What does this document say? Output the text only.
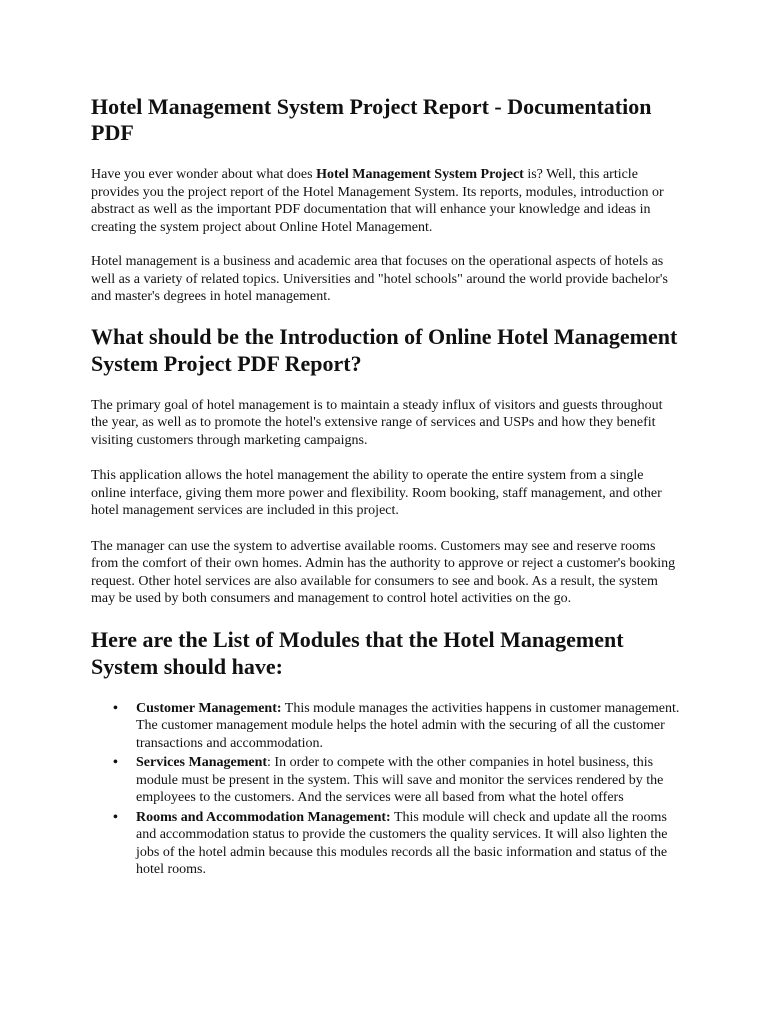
Hotel Management System Project Report - Documentation PDF

Have you ever wonder about what does Hotel Management System Project is? Well, this article provides you the project report of the Hotel Management System. Its reports, modules, introduction or abstract as well as the important PDF documentation that will enhance your knowledge and ideas in creating the system project about Online Hotel Management.

Hotel management is a business and academic area that focuses on the operational aspects of hotels as well as a variety of related topics. Universities and "hotel schools" around the world provide bachelor's and master's degrees in hotel management.

What should be the Introduction of Online Hotel Management System Project PDF Report?

The primary goal of hotel management is to maintain a steady influx of visitors and guests throughout the year, as well as to promote the hotel's extensive range of services and USPs and how they benefit visiting customers through marketing campaigns.

This application allows the hotel management the ability to operate the entire system from a single online interface, giving them more power and flexibility. Room booking, staff management, and other hotel management services are included in this project.

The manager can use the system to advertise available rooms. Customers may see and reserve rooms from the comfort of their own homes. Admin has the authority to approve or reject a customer's booking request. Other hotel services are also available for consumers to see and book. As a result, the system may be used by both consumers and management to control hotel activities on the go.

Here are the List of Modules that the Hotel Management System should have:
• Customer Management: This module manages the activities happens in customer management. The customer management module helps the hotel admin with the securing of all the customer transactions and accommodation.
• Services Management: In order to compete with the other companies in hotel business, this module must be present in the system. This will save and monitor the services rendered by the employees to the customers. And the services were all based from what the hotel offers
• Rooms and Accommodation Management: This module will check and update all the rooms and accommodation status to provide the customers the quality services. It will also lighten the jobs of the hotel admin because this modules records all the basic information and status of the hotel rooms.
